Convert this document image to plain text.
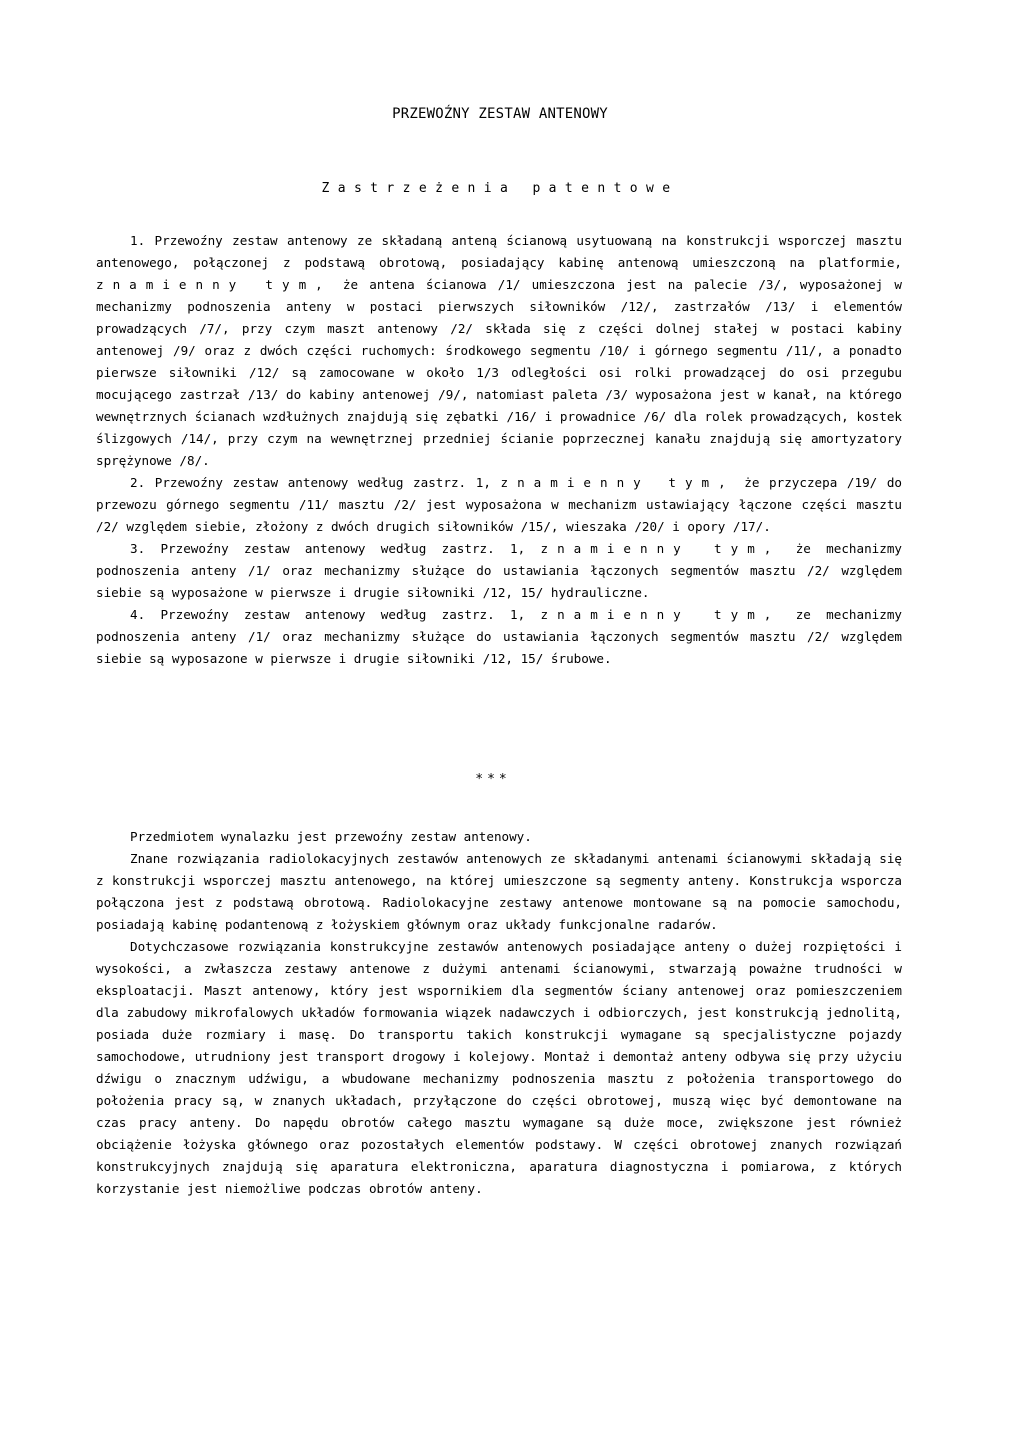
PRZEWOŹNY ZESTAW ANTENOWY
Zastrzeżenia patentowe

1. Przewoźny zestaw antenowy ze składaną anteną ścianową usytuowaną na konstrukcji wsporczej masztu antenowego, połączonej z podstawą obrotową, posiadający kabinę antenową umieszczoną na platformie, znamienny tym, że antena ścianowa /1/ umieszczona jest na palecie /3/, wyposażonej w mechanizmy podnoszenia anteny w postaci pierwszych siłowników /12/, zastrzałów /13/ i elementów prowadzących /7/, przy czym maszt antenowy /2/ składa się z części dolnej stałej w postaci kabiny antenowej /9/ oraz z dwóch części ruchomych: środkowego segmentu /10/ i górnego segmentu /11/, a ponadto pierwsze siłowniki /12/ są zamocowane w około 1/3 odległości osi rolki prowadzącej do osi przegubu mocującego zastrzał /13/ do kabiny antenowej /9/, natomiast paleta /3/ wyposażona jest w kanał, na którego wewnętrznych ścianach wzdłużnych znajdują się zębatki /16/ i prowadnice /6/ dla rolek prowadzących, kostek ślizgowych /14/, przy czym na wewnętrznej przedniej ścianie poprzecznej kanału znajdują się amortyzatory sprężynowe /8/.

2. Przewoźny zestaw antenowy według zastrz. 1, znamienny tym, że przyczepa /19/ do przewozu górnego segmentu /11/ masztu /2/ jest wyposażona w mechanizm ustawiający łączone części masztu /2/ względem siebie, złożony z dwóch drugich siłowników /15/, wieszaka /20/ i opory /17/.

3. Przewoźny zestaw antenowy według zastrz. 1, znamienny tym, że mechanizmy podnoszenia anteny /1/ oraz mechanizmy służące do ustawiania łączonych segmentów masztu /2/ względem siebie są wyposażone w pierwsze i drugie siłowniki /12, 15/ hydrauliczne.

4. Przewoźny zestaw antenowy według zastrz. 1, znamienny tym, ze mechanizmy podnoszenia anteny /1/ oraz mechanizmy służące do ustawiania łączonych segmentów masztu /2/ względem siebie są wyposazone w pierwsze i drugie siłowniki /12, 15/ śrubowe.

***

Przedmiotem wynalazku jest przewoźny zestaw antenowy.

Znane rozwiązania radiolokacyjnych zestawów antenowych ze składanymi antenami ścianowymi składają się z konstrukcji wsporczej masztu antenowego, na której umieszczone są segmenty anteny. Konstrukcja wsporcza połączona jest z podstawą obrotową. Radiolokacyjne zestawy antenowe montowane są na pomocie samochodu, posiadają kabinę podantenową z łożyskiem głównym oraz układy funkcjonalne radarów.

Dotychczasowe rozwiązania konstrukcyjne zestawów antenowych posiadające anteny o dużej rozpiętości i wysokości, a zwłaszcza zestawy antenowe z dużymi antenami ścianowymi, stwarzają poważne trudności w eksploatacji. Maszt antenowy, który jest wspornikiem dla segmentów ściany antenowej oraz pomieszczeniem dla zabudowy mikrofalowych układów formowania wiązek nadawczych i odbiorczych, jest konstrukcją jednolitą, posiada duże rozmiary i masę. Do transportu takich konstrukcji wymagane są specjalistyczne pojazdy samochodowe, utrudniony jest transport drogowy i kolejowy. Montaż i demontaż anteny odbywa się przy użyciu dźwigu o znacznym udźwigu, a wbudowane mechanizmy podnoszenia masztu z położenia transportowego do położenia pracy są, w znanych układach, przyłączone do części obrotowej, muszą więc być demontowane na czas pracy anteny. Do napędu obrotów całego masztu wymagane są duże moce, zwiększone jest również obciążenie łożyska głównego oraz pozostałych elementów podstawy. W części obrotowej znanych rozwiązań konstrukcyjnych znajdują się aparatura elektroniczna, aparatura diagnostyczna i pomiarowa, z których korzystanie jest niemożliwe podczas obrotów anteny.
